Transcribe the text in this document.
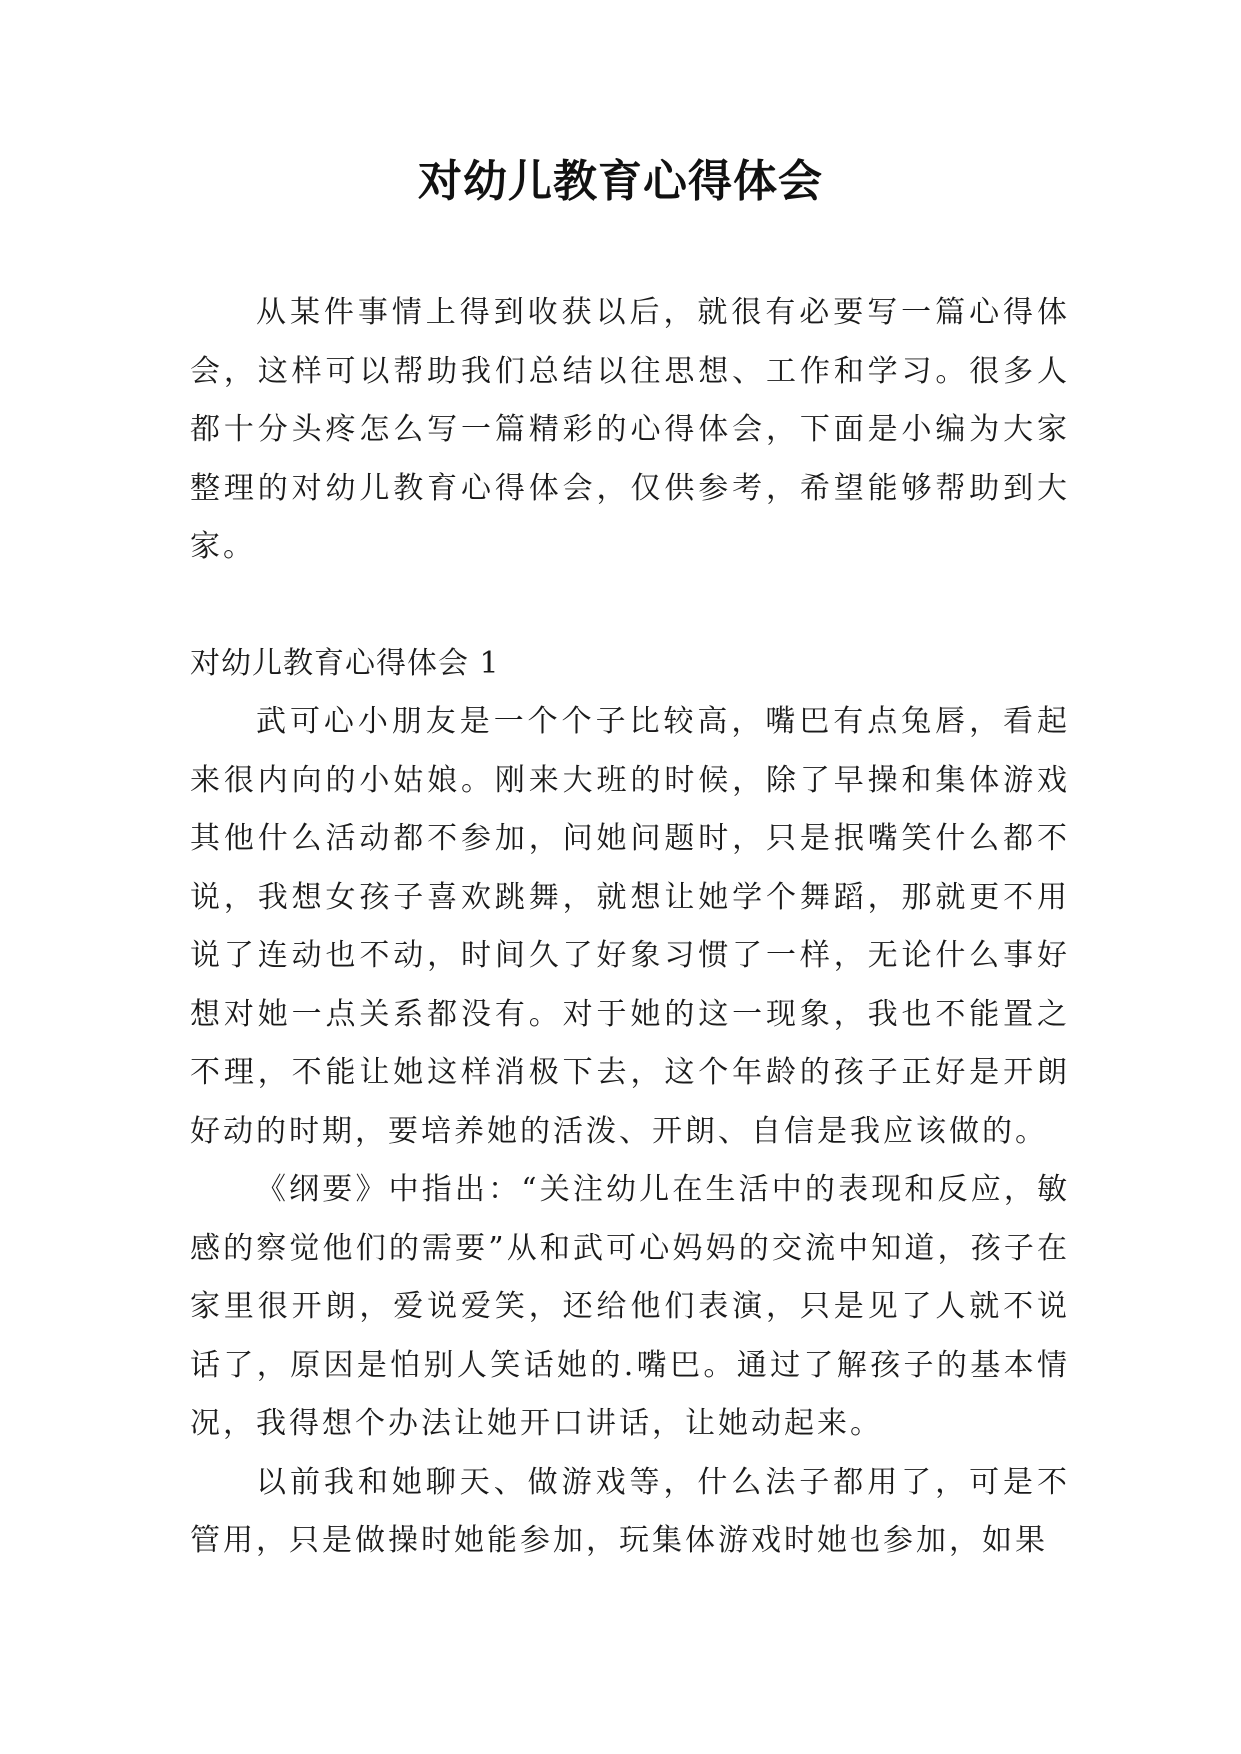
对幼儿教育心得体会

从某件事情上得到收获以后，就很有必要写一篇心得体会，这样可以帮助我们总结以往思想、工作和学习。很多人都十分头疼怎么写一篇精彩的心得体会，下面是小编为大家整理的对幼儿教育心得体会，仅供参考，希望能够帮助到大家。

对幼儿教育心得体会 1

武可心小朋友是一个个子比较高，嘴巴有点兔唇，看起来很内向的小姑娘。刚来大班的时候，除了早操和集体游戏其他什么活动都不参加，问她问题时，只是抿嘴笑什么都不说，我想女孩子喜欢跳舞，就想让她学个舞蹈，那就更不用说了连动也不动，时间久了好象习惯了一样，无论什么事好想对她一点关系都没有。对于她的这一现象，我也不能置之不理，不能让她这样消极下去，这个年龄的孩子正好是开朗好动的时期，要培养她的活泼、开朗、自信是我应该做的。

《纲要》中指出：“关注幼儿在生活中的表现和反应，敏感的察觉他们的需要”从和武可心妈妈的交流中知道，孩子在家里很开朗，爱说爱笑，还给他们表演，只是见了人就不说话了，原因是怕别人笑话她的.嘴巴。通过了解孩子的基本情况，我得想个办法让她开口讲话，让她动起来。

以前我和她聊天、做游戏等，什么法子都用了，可是不管用，只是做操时她能参加，玩集体游戏时她也参加，如果
